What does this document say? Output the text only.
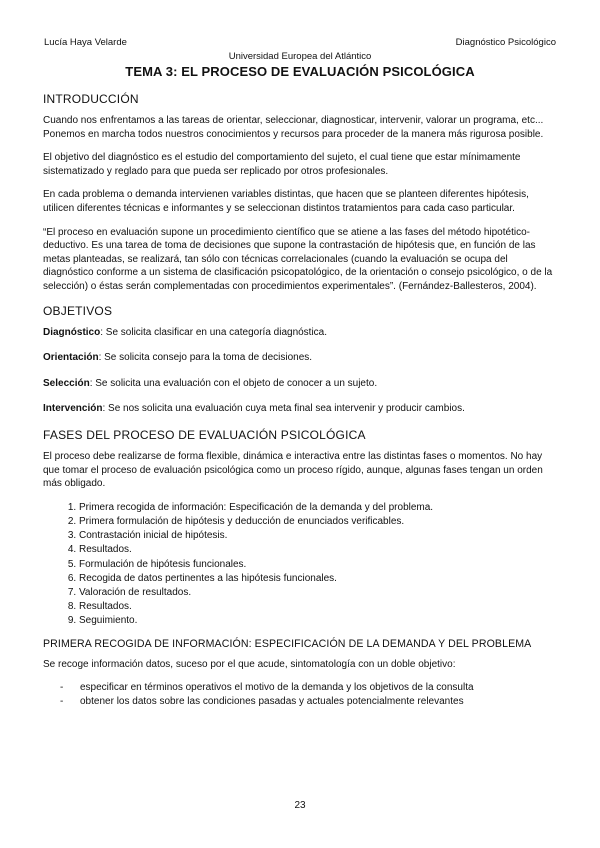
Lucía Haya Velarde	Diagnóstico Psicológico
Universidad Europea del Atlántico
TEMA 3: EL PROCESO DE EVALUACIÓN PSICOLÓGICA
INTRODUCCIÓN

Cuando nos enfrentamos a las tareas de orientar, seleccionar, diagnosticar, intervenir, valorar un programa, etc... Ponemos en marcha todos nuestros conocimientos y recursos para proceder de la manera más rigurosa posible.

El objetivo del diagnóstico es el estudio del comportamiento del sujeto, el cual tiene que estar mínimamente sistematizado y reglado para que pueda ser replicado por otros profesionales.

En cada problema o demanda intervienen variables distintas, que hacen que se planteen diferentes hipótesis, utilicen diferentes técnicas e informantes y se seleccionan distintos tratamientos para cada caso particular.

“El proceso en evaluación supone un procedimiento científico que se atiene a las fases del método hipotético-deductivo. Es una tarea de toma de decisiones que supone la contrastación de hipótesis que, en función de las metas planteadas, se realizará, tan sólo con técnicas correlacionales (cuando la evaluación se ocupa del diagnóstico conforme a un sistema de clasificación psicopatológico, de la orientación o consejo psicológico, o de la selección) o éstas serán complementadas con procedimientos experimentales”. (Fernández-Ballesteros, 2004).

OBJETIVOS

Diagnóstico: Se solicita clasificar en una categoría diagnóstica.

Orientación: Se solicita consejo para la toma de decisiones.

Selección: Se solicita una evaluación con el objeto de conocer a un sujeto.

Intervención: Se nos solicita una evaluación cuya meta final sea intervenir y producir cambios.

FASES DEL PROCESO DE EVALUACIÓN PSICOLÓGICA

El proceso debe realizarse de forma flexible, dinámica e interactiva entre las distintas fases o momentos. No hay que tomar el proceso de evaluación psicológica como un proceso rígido, aunque, algunas fases tengan un orden más obligado.

1. Primera recogida de información: Especificación de la demanda y del problema.
2. Primera formulación de hipótesis y deducción de enunciados verificables.
3. Contrastación inicial de hipótesis.
4. Resultados.
5. Formulación de hipótesis funcionales.
6. Recogida de datos pertinentes a las hipótesis funcionales.
7. Valoración de resultados.
8. Resultados.
9. Seguimiento.
PRIMERA RECOGIDA DE INFORMACIÓN: ESPECIFICACIÓN DE LA DEMANDA Y DEL PROBLEMA

Se recoge información datos, suceso por el que acude, sintomatología con un doble objetivo:

- especificar en términos operativos el motivo de la demanda y los objetivos de la consulta
- obtener los datos sobre las condiciones pasadas y actuales potencialmente relevantes
23
